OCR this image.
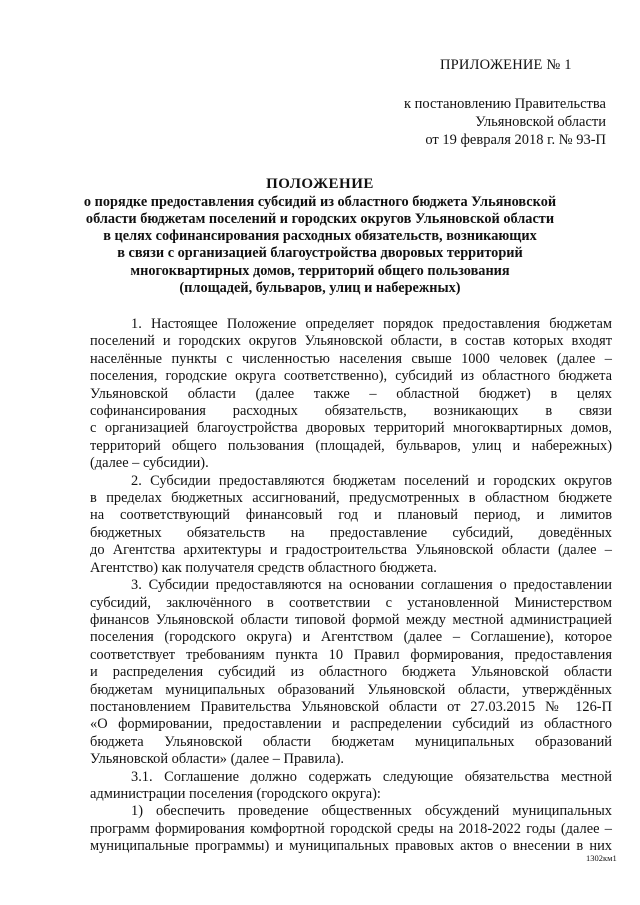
ПРИЛОЖЕНИЕ № 1
к постановлению Правительства
Ульяновской области
от 19 февраля 2018 г. № 93-П
ПОЛОЖЕНИЕ
о порядке предоставления субсидий из областного бюджета Ульяновской
области бюджетам поселений и городских округов Ульяновской области
в целях софинансирования расходных обязательств, возникающих
в связи с организацией благоустройства дворовых территорий
многоквартирных домов, территорий общего пользования
(площадей, бульваров, улиц и набережных)
1. Настоящее Положение определяет порядок предоставления бюджетам
поселений и городских округов Ульяновской области, в состав которых входят
населённые пункты с численностью населения свыше 1000 человек (далее –
поселения, городские округа соответственно), субсидий из областного бюджета
Ульяновской области (далее также – областной бюджет) в целях
софинансирования расходных обязательств, возникающих в связи
с организацией благоустройства дворовых территорий многоквартирных домов,
территорий общего пользования (площадей, бульваров, улиц и набережных)
(далее – субсидии).
2. Субсидии предоставляются бюджетам поселений и городских округов
в пределах бюджетных ассигнований, предусмотренных в областном бюджете
на соответствующий финансовый год и плановый период, и лимитов
бюджетных обязательств на предоставление субсидий, доведённых
до Агентства архитектуры и градостроительства Ульяновской области (далее –
Агентство) как получателя средств областного бюджета.
3. Субсидии предоставляются на основании соглашения о предоставлении
субсидий, заключённого в соответствии с установленной Министерством
финансов Ульяновской области типовой формой между местной администрацией
поселения (городского округа) и Агентством (далее – Соглашение), которое
соответствует требованиям пункта 10 Правил формирования, предоставления
и распределения субсидий из областного бюджета Ульяновской области
бюджетам муниципальных образований Ульяновской области, утверждённых
постановлением Правительства Ульяновской области от 27.03.2015 № 126-П
«О формировании, предоставлении и распределении субсидий из областного
бюджета Ульяновской области бюджетам муниципальных образований
Ульяновской области» (далее – Правила).
3.1. Соглашение должно содержать следующие обязательства местной
администрации поселения (городского округа):
1) обеспечить проведение общественных обсуждений муниципальных
программ формирования комфортной городской среды на 2018-2022 годы (далее –
муниципальные программы) и муниципальных правовых актов о внесении в них
1302км1
